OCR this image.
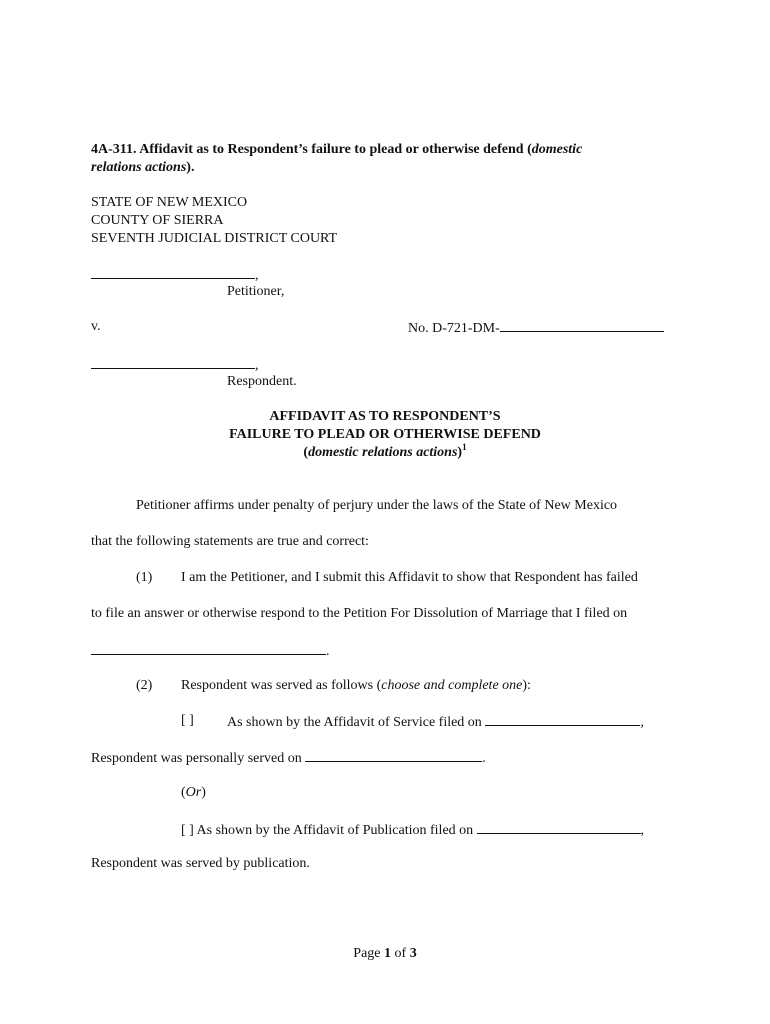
4A-311. Affidavit as to Respondent’s failure to plead or otherwise defend (domestic
relations actions).
STATE OF NEW MEXICO
COUNTY OF SIERRA
SEVENTH JUDICIAL DISTRICT COURT
,
Petitioner,
v.	No. D-721-DM-
,
Respondent.
AFFIDAVIT AS TO RESPONDENT’S
FAILURE TO PLEAD OR OTHERWISE DEFEND
(domestic relations actions)$^1$
Petitioner affirms under penalty of perjury under the laws of the State of New Mexico
that the following statements are true and correct:
(1) I am the Petitioner, and I submit this Affidavit to show that Respondent has failed
to file an answer or otherwise respond to the Petition For Dissolution of Marriage that I filed on
.
(2) Respondent was served as follows (choose and complete one):
[ ] As shown by the Affidavit of Service filed on	,
Respondent was personally served on	.
(Or)
[ ] As shown by the Affidavit of Publication filed on	,
Respondent was served by publication.
Page 1 of 3
